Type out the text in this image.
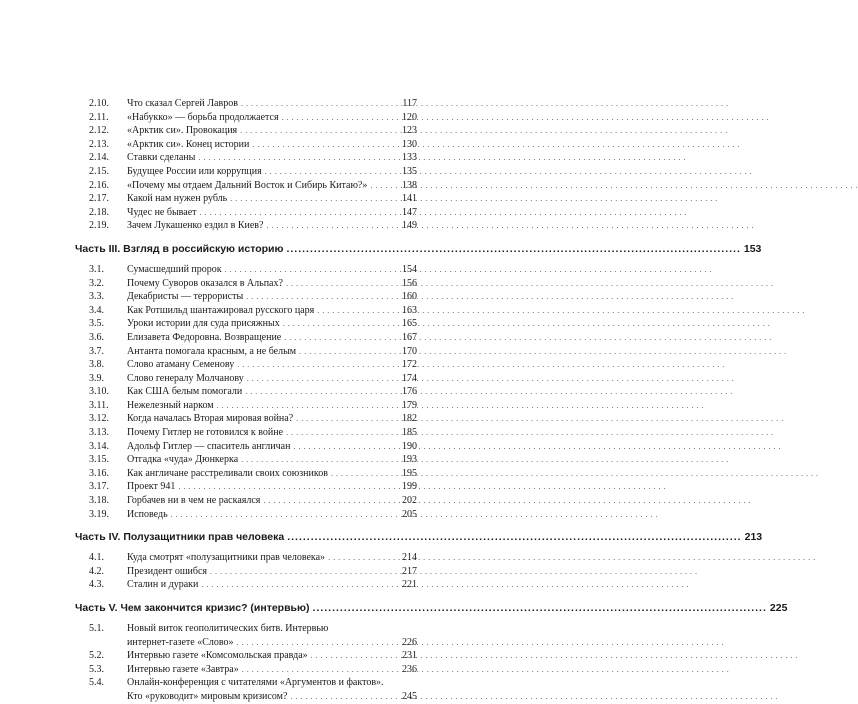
2.10.	Что сказал Сергей Лавров . . .	117
2.11.	«Набукко» — борьба продолжается . . .	120
2.12.	«Арктик си». Провокация . . .	123
2.13.	«Арктик си». Конец истории . . .	130
2.14.	Ставки сделаны . . .	133
2.15.	Будущее России или коррупция . . .	135
2.16.	«Почему мы отдаем Дальний Восток и Сибирь Китаю?» . . .	138
2.17.	Какой нам нужен рубль . . .	141
2.18.	Чудес не бывает . . .	147
2.19.	Зачем Лукашенко ездил в Киев? . . .	149
Часть III. Взгляд в российскую историю .....	153
3.1.	Сумасшедший пророк . . .	154
3.2.	Почему Суворов оказался в Альпах? . . .	156
3.3.	Декабристы — террористы . . .	160
3.4.	Как Ротшильд шантажировал русского царя . . .	163
3.5.	Уроки истории для суда присяжных . . .	165
3.6.	Елизавета Федоровна. Возвращение . . .	167
3.7.	Антанта помогала красным, а не белым . . .	170
3.8.	Слово атаману Семенову . . .	172
3.9.	Слово генералу Молчанову . . .	174
3.10.	Как США белым помогали . . .	176
3.11.	Нежелезный нарком . . .	179
3.12.	Когда началась Вторая мировая война? . . .	182
3.13.	Почему Гитлер не готовился к войне . . .	185
3.14.	Адольф Гитлер — спаситель англичан . . .	190
3.15.	Отгадка «чуда» Дюнкерка . . .	193
3.16.	Как англичане расстреливали своих союзников . . .	195
3.17.	Проект 941 . . .	199
3.18.	Горбачев ни в чем не раскаялся . . .	202
3.19.	Исповедь . . .	205
Часть IV. Полузащитники прав человека .....	213
4.1.	Куда смотрят «полузащитники прав человека» . . .	214
4.2.	Президент ошибся . . .	217
4.3.	Сталин и дураки . . .	221
Часть V. Чем закончится кризис? (интервью) .....	225
5.1.	Новый виток геополитических битв. Интервью
интернет-газете «Слово» . . .	226
5.2.	Интервью газете «Комсомольская правда» . . .	231
5.3.	Интервью газете «Завтра» . . .	236
5.4.	Онлайн-конференция с читателями «Аргументов и фактов».
Кто «руководит» мировым кризисом? . . .	245
